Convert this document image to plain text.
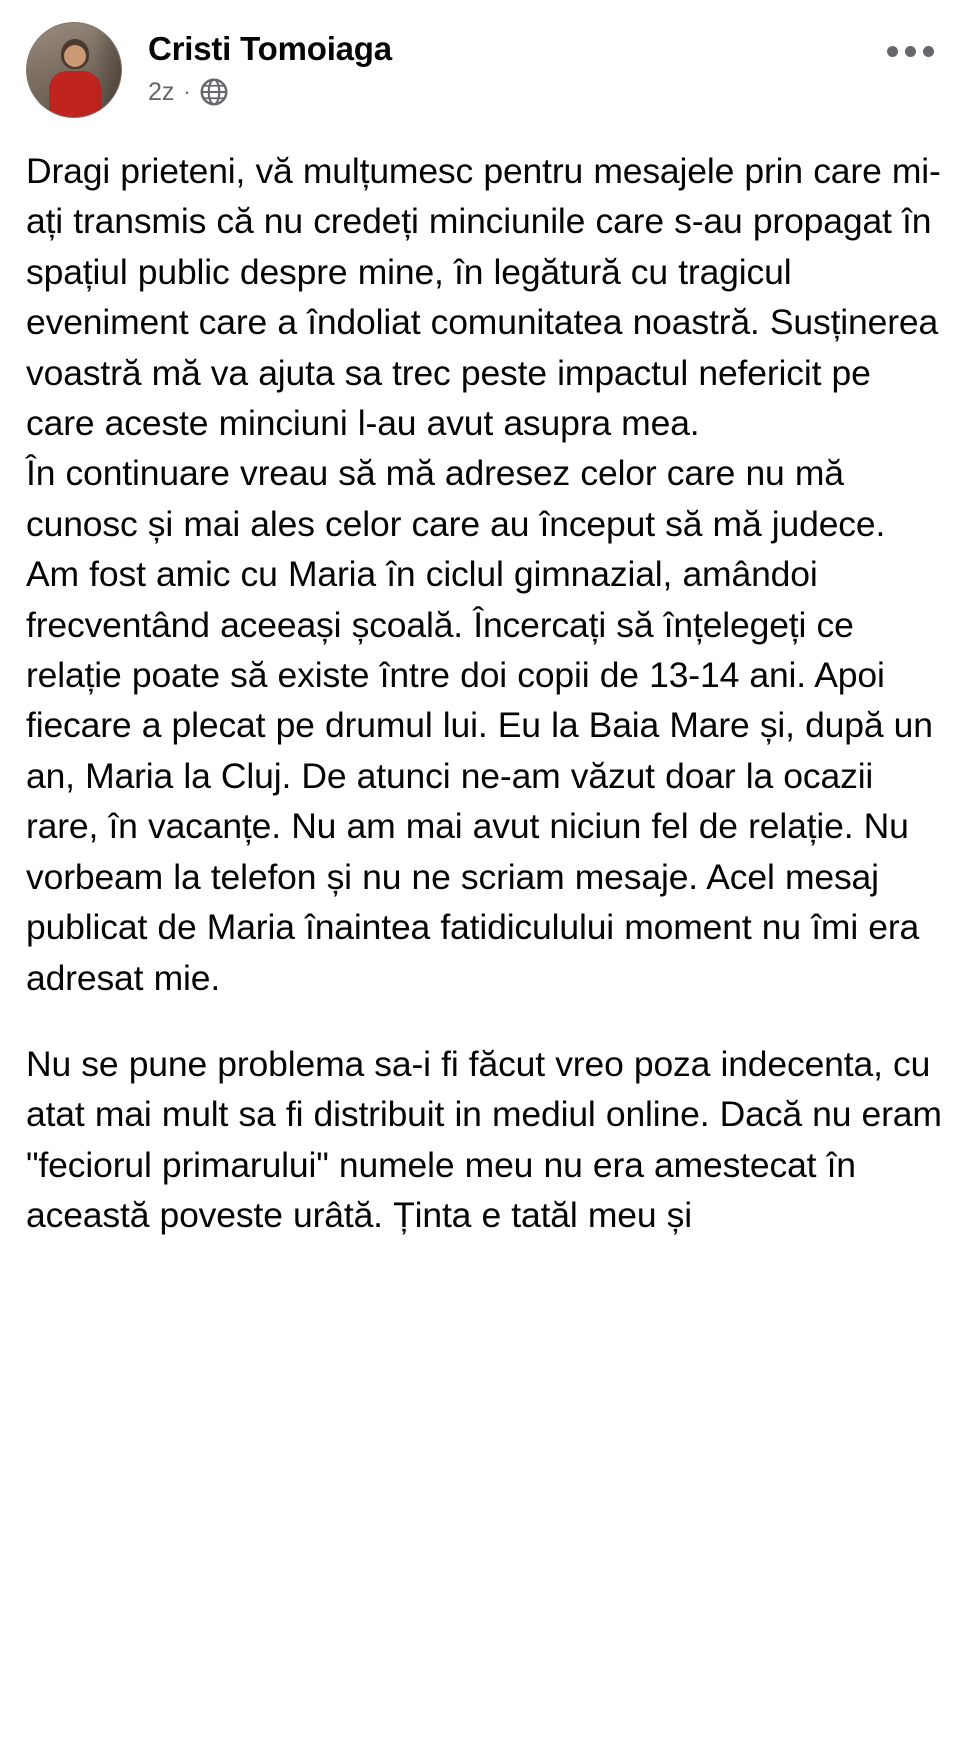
Cristi Tomoiaga
2z ·

Dragi prieteni, vă mulțumesc pentru mesajele prin care mi-ați transmis că nu credeți minciunile care s-au propagat în spațiul public despre mine, în legătură cu tragicul eveniment care a îndoliat comunitatea noastră. Susținerea voastră mă va ajuta sa trec peste impactul nefericit pe care aceste minciuni l-au avut asupra mea.

În continuare vreau să mă adresez celor care nu mă cunosc și mai ales celor care au început să mă judece.

Am fost amic cu Maria în ciclul gimnazial, amândoi frecventând aceeași școală. Încercați să înțelegeți ce relație poate să existe între doi copii de 13-14 ani. Apoi fiecare a plecat pe drumul lui. Eu la Baia Mare și, după un an, Maria la Cluj. De atunci ne-am văzut doar la ocazii rare, în vacanțe. Nu am mai avut niciun fel de relație. Nu vorbeam la telefon și nu ne scriam mesaje. Acel mesaj publicat de Maria înaintea fatidiculului moment nu îmi era adresat mie.

Nu se pune problema sa-i fi făcut vreo poza indecenta, cu atat mai mult sa fi distribuit in mediul online. Dacă nu eram "feciorul primarului" numele meu nu era amestecat în această poveste urâtă. Ținta e tatăl meu și
